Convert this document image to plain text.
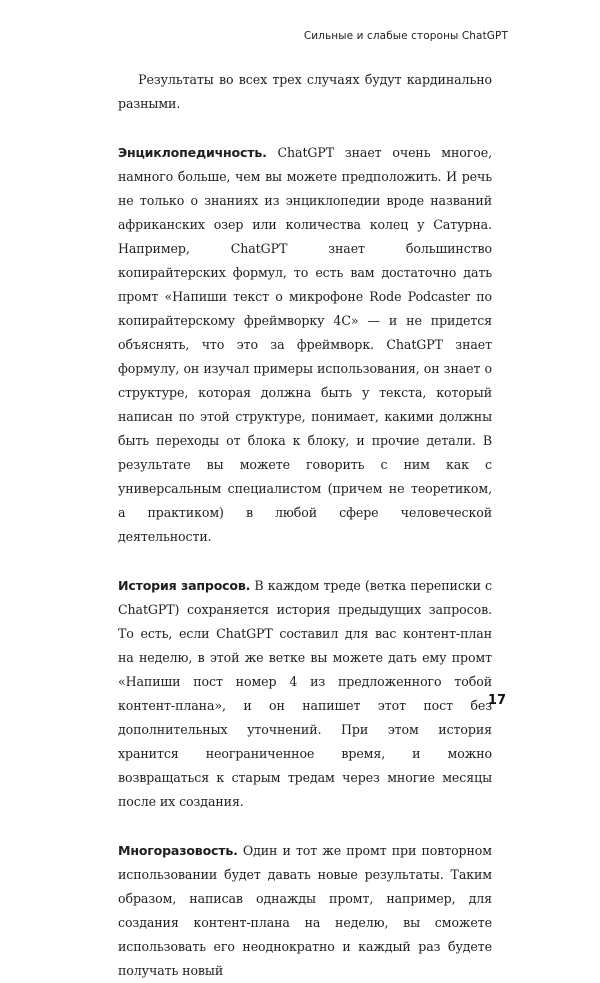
Сильные и слабые стороны ChatGPT

Результаты во всех трех случаях будут кардинально разными.

Энциклопедичность. ChatGPT знает очень многое, намного больше, чем вы можете предположить. И речь не только о знаниях из энциклопедии вроде названий африканских озер или количества колец у Сатурна. Например, ChatGPT знает большинство копирайтерских формул, то есть вам достаточно дать промт «Напиши текст о микрофоне Rode Podcaster по копирайтерскому фреймворку 4С» — и не придется объяснять, что это за фреймворк. ChatGPT знает формулу, он изучал примеры использования, он знает о структуре, которая должна быть у текста, который написан по этой структуре, понимает, какими должны быть переходы от блока к блоку, и прочие детали. В результате вы можете говорить с ним как с универсальным специалистом (причем не теоретиком, а практиком) в любой сфере человеческой деятельности.

История запросов. В каждом треде (ветка переписки с ChatGPT) сохраняется история предыдущих запросов. То есть, если ChatGPT составил для вас контент-план на неделю, в этой же ветке вы можете дать ему промт «Напиши пост номер 4 из предложенного тобой контент-плана», и он напишет этот пост без дополнительных уточнений. При этом история хранится неограниченное время, и можно возвращаться к старым тредам через многие месяцы после их создания.

Многоразовость. Один и тот же промт при повторном использовании будет давать новые результаты. Таким образом, написав однажды промт, например, для создания контент-плана на неделю, вы сможете использовать его неоднократно и каждый раз будете получать новый

17
